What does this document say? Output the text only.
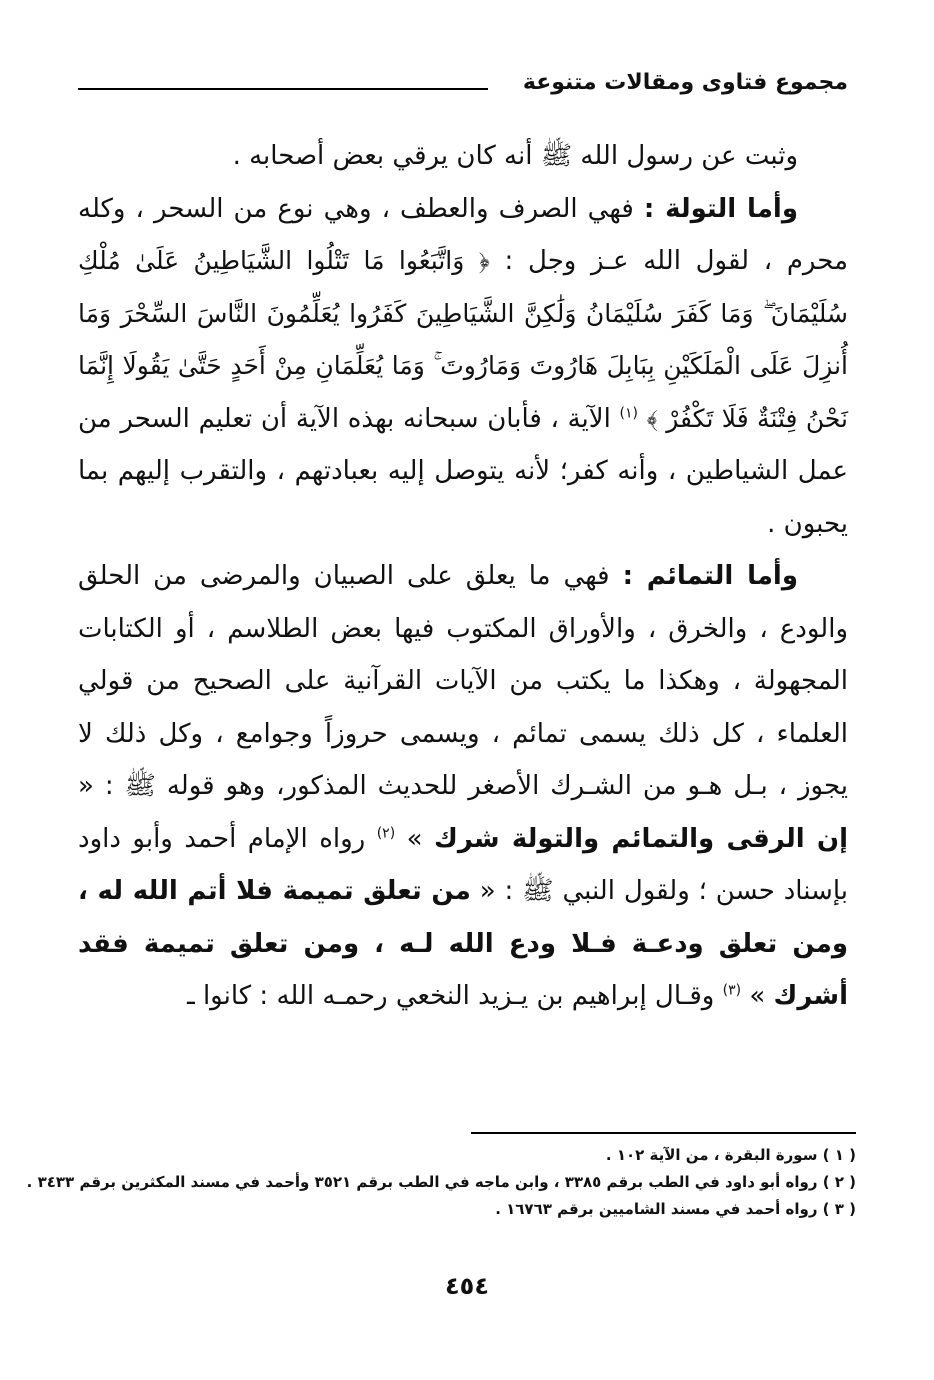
مجموع فتاوى ومقالات متنوعة

وثبت عن رسول الله ﷺ أنه كان يرقي بعض أصحابه .

وأما التولة : فهي الصرف والعطف ، وهي نوع من السحر ، وكله محرم ، لقول الله عـز وجل : ﴿ وَاتَّبَعُوا مَا تَتْلُوا الشَّيَاطِينُ عَلَىٰ مُلْكِ سُلَيْمَانَ ۖ وَمَا كَفَرَ سُلَيْمَانُ وَلَٰكِنَّ الشَّيَاطِينَ كَفَرُوا يُعَلِّمُونَ النَّاسَ السِّحْرَ وَمَا أُنزِلَ عَلَى الْمَلَكَيْنِ بِبَابِلَ هَارُوتَ وَمَارُوتَ ۚ وَمَا يُعَلِّمَانِ مِنْ أَحَدٍ حَتَّىٰ يَقُولَا إِنَّمَا نَحْنُ فِتْنَةٌ فَلَا تَكْفُرْ ﴾ $^{(١)}$ الآية ، فأبان سبحانه بهذه الآية أن تعليم السحر من عمل الشياطين ، وأنه كفر؛ لأنه يتوصل إليه بعبادتهم ، والتقرب إليهم بما يحبون .

وأما التمائم : فهي ما يعلق على الصبيان والمرضى من الحلق والودع ، والخرق ، والأوراق المكتوب فيها بعض الطلاسم ، أو الكتابات المجهولة ، وهكذا ما يكتب من الآيات القرآنية على الصحيح من قولي العلماء ، كل ذلك يسمى تمائم ، ويسمى حروزاً وجوامع ، وكل ذلك لا يجوز ، بـل هـو من الشـرك الأصغر للحديث المذكور، وهو قوله ﷺ : « إن الرقى والتمائم والتولة شرك » $^{(٢)}$ رواه الإمام أحمد وأبو داود بإسناد حسن ؛ ولقول النبي ﷺ : « من تعلق تميمة فلا أتم الله له ، ومن تعلق ودعـة فـلا ودع الله لـه ، ومن تعلق تميمة فقد أشرك » $^{(٣)}$ وقـال إبراهيم بن يـزيد النخعي رحمـه الله : كانوا ـ

( ١ ) سورة البقرة ، من الآية ١٠٢ .
( ٢ ) رواه أبو داود في الطب برقم ٣٣٨٥ ، وابن ماجه في الطب برقم ٣٥٢١ وأحمد في مسند المكثرين برقم ٣٤٣٣ .
( ٣ ) رواه أحمد في مسند الشاميين برقم ١٦٧٦٣ .
٤٥٤
